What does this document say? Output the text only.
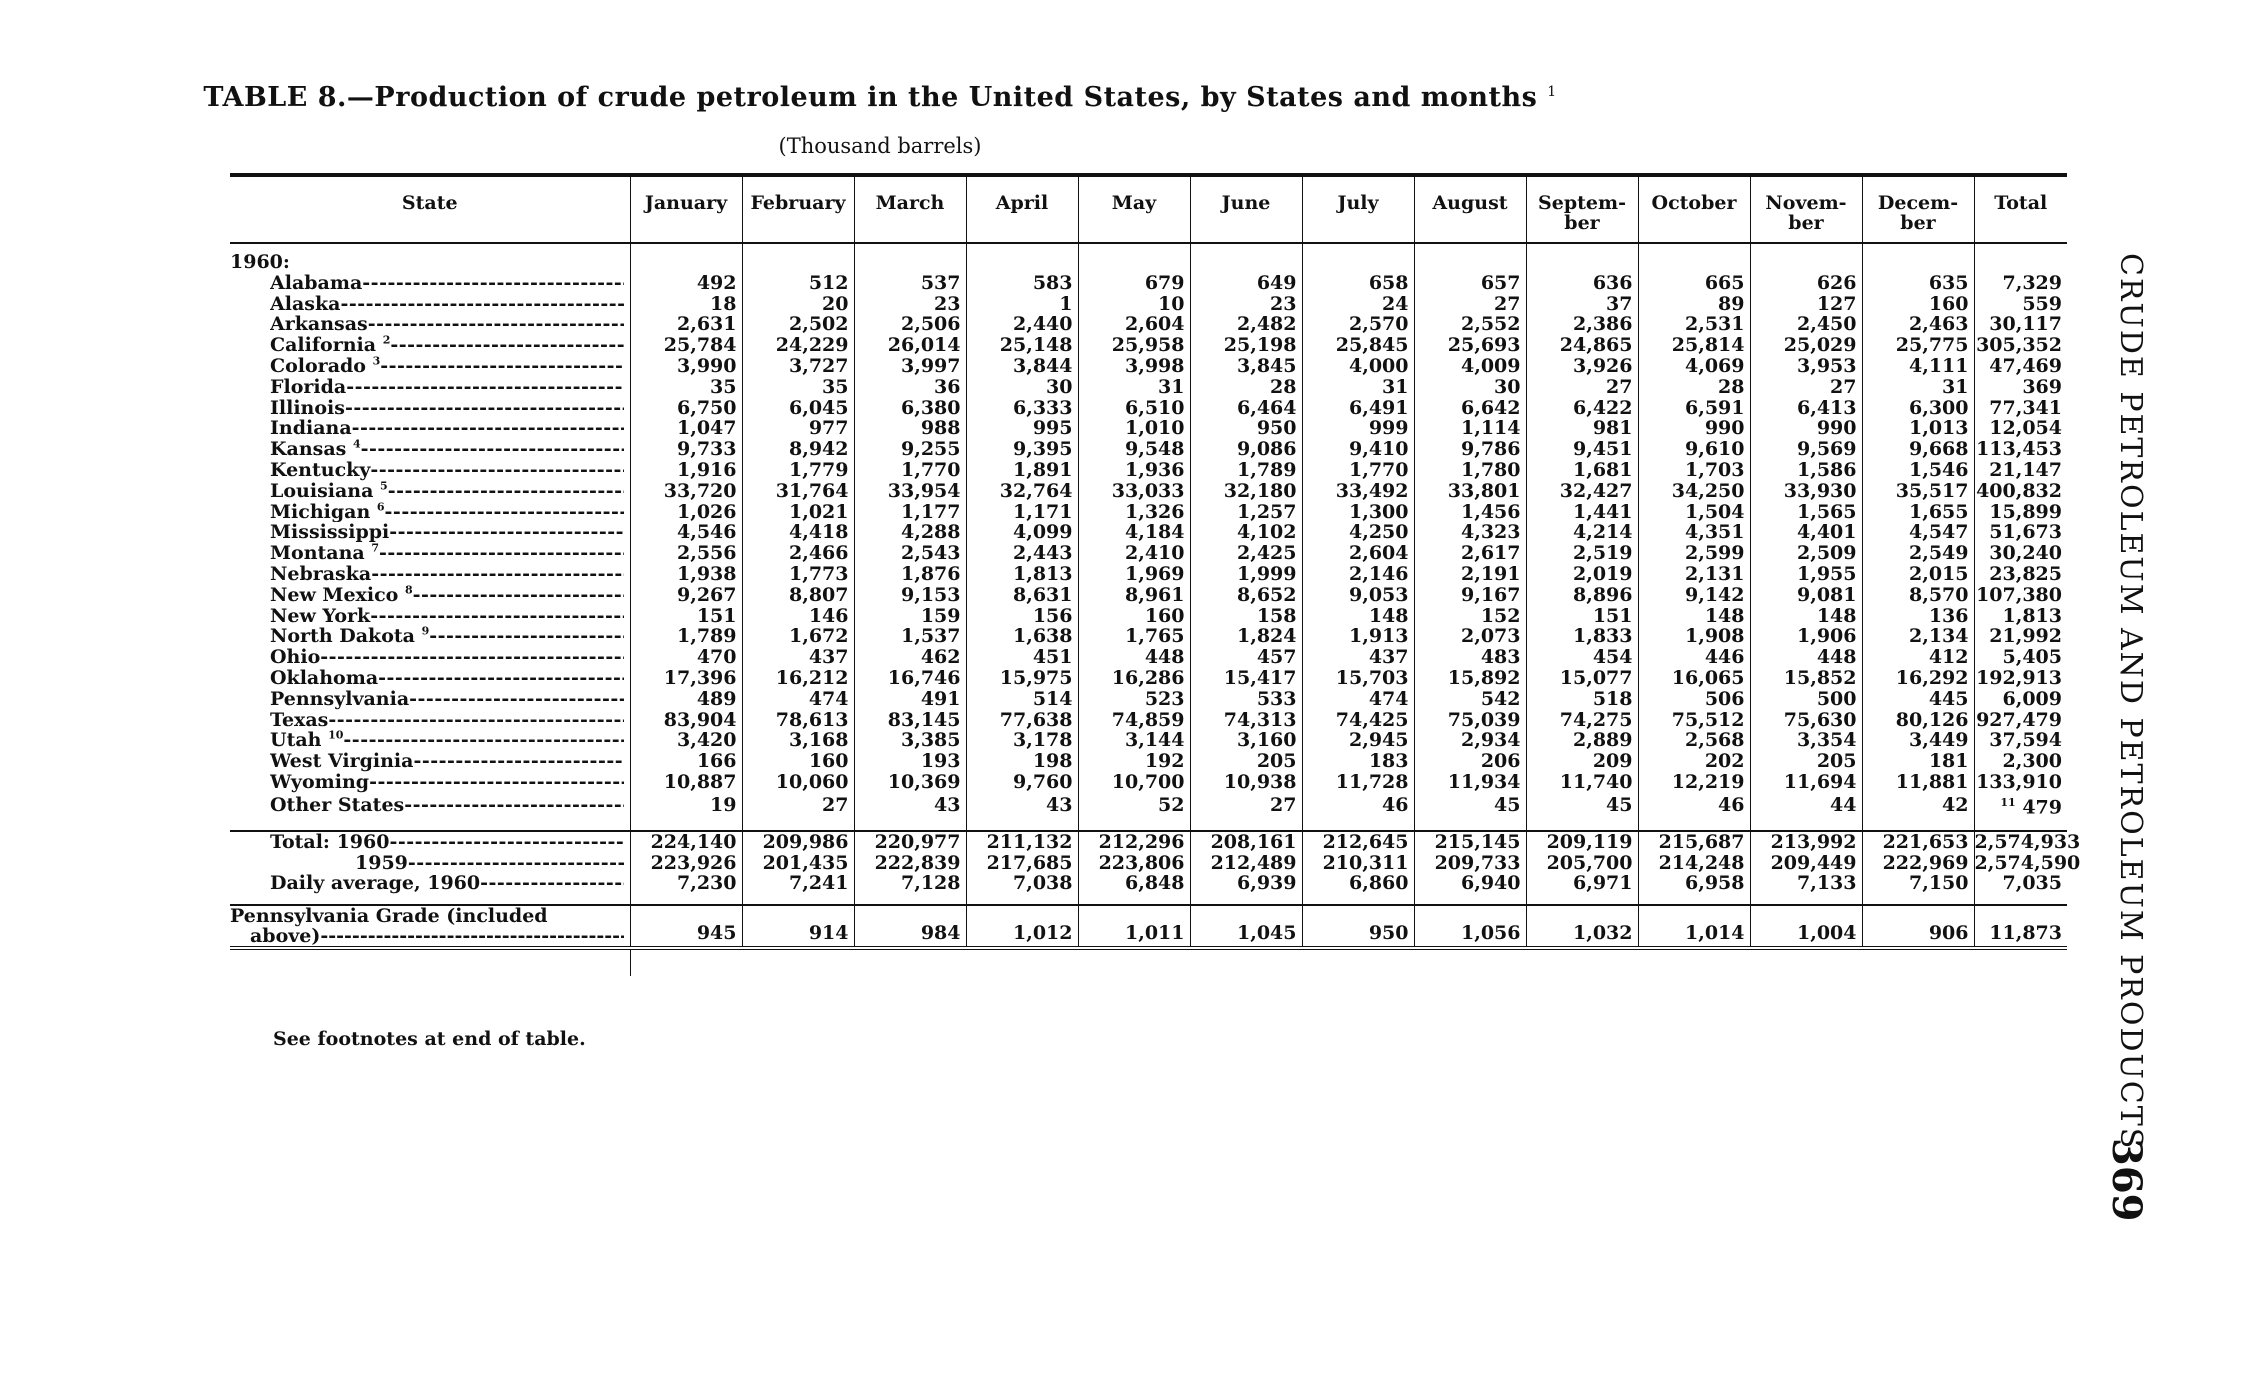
TABLE 8.—Production of crude petroleum in the United States, by States and months $^1$
(Thousand barrels)
State	January	February	March	April	May	June	July	August	Septem-
ber	October	Novem-
ber	Decem-
ber	Total
1960:													

Alabama -----	492	512	537	583	679	649	658	657	636	665	626	635	7,329

Alaska -----	18	20	23	1	10	23	24	27	37	89	127	160	559

Arkansas -----	2,631	2,502	2,506	2,440	2,604	2,482	2,570	2,552	2,386	2,531	2,450	2,463	30,117

California $^2$ -----	25,784	24,229	26,014	25,148	25,958	25,198	25,845	25,693	24,865	25,814	25,029	25,775	305,352

Colorado $^3$ -----	3,990	3,727	3,997	3,844	3,998	3,845	4,000	4,009	3,926	4,069	3,953	4,111	47,469

Florida -----	35	35	36	30	31	28	31	30	27	28	27	31	369

Illinois -----	6,750	6,045	6,380	6,333	6,510	6,464	6,491	6,642	6,422	6,591	6,413	6,300	77,341

Indiana -----	1,047	977	988	995	1,010	950	999	1,114	981	990	990	1,013	12,054

Kansas $^4$ -----	9,733	8,942	9,255	9,395	9,548	9,086	9,410	9,786	9,451	9,610	9,569	9,668	113,453

Kentucky -----	1,916	1,779	1,770	1,891	1,936	1,789	1,770	1,780	1,681	1,703	1,586	1,546	21,147

Louisiana $^5$ -----	33,720	31,764	33,954	32,764	33,033	32,180	33,492	33,801	32,427	34,250	33,930	35,517	400,832

Michigan $^6$ -----	1,026	1,021	1,177	1,171	1,326	1,257	1,300	1,456	1,441	1,504	1,565	1,655	15,899

Mississippi -----	4,546	4,418	4,288	4,099	4,184	4,102	4,250	4,323	4,214	4,351	4,401	4,547	51,673

Montana $^7$ -----	2,556	2,466	2,543	2,443	2,410	2,425	2,604	2,617	2,519	2,599	2,509	2,549	30,240

Nebraska -----	1,938	1,773	1,876	1,813	1,969	1,999	2,146	2,191	2,019	2,131	1,955	2,015	23,825

New Mexico $^8$ -----	9,267	8,807	9,153	8,631	8,961	8,652	9,053	9,167	8,896	9,142	9,081	8,570	107,380

New York -----	151	146	159	156	160	158	148	152	151	148	148	136	1,813

North Dakota $^9$ -----	1,789	1,672	1,537	1,638	1,765	1,824	1,913	2,073	1,833	1,908	1,906	2,134	21,992

Ohio -----	470	437	462	451	448	457	437	483	454	446	448	412	5,405

Oklahoma -----	17,396	16,212	16,746	15,975	16,286	15,417	15,703	15,892	15,077	16,065	15,852	16,292	192,913

Pennsylvania -----	489	474	491	514	523	533	474	542	518	506	500	445	6,009

Texas -----	83,904	78,613	83,145	77,638	74,859	74,313	74,425	75,039	74,275	75,512	75,630	80,126	927,479

Utah $^{10}$ -----	3,420	3,168	3,385	3,178	3,144	3,160	2,945	2,934	2,889	2,568	3,354	3,449	37,594

West Virginia -----	166	160	193	198	192	205	183	206	209	202	205	181	2,300

Wyoming -----	10,887	10,060	10,369	9,760	10,700	10,938	11,728	11,934	11,740	12,219	11,694	11,881	133,910

Other States -----	19	27	43	43	52	27	46	45	45	46	44	42	$^{11}$ 479

Total: 1960 -----	224,140	209,986	220,977	211,132	212,296	208,161	212,645	215,145	209,119	215,687	213,992	221,653	2,574,933

1959 -----	223,926	201,435	222,839	217,685	223,806	212,489	210,311	209,733	205,700	214,248	209,449	222,969	2,574,590

Daily average, 1960 -----	7,230	7,241	7,128	7,038	6,848	6,939	6,860	6,940	6,971	6,958	7,133	7,150	7,035

Pennsylvania Grade (included
above) -----	945	914	984	1,012	1,011	1,045	950	1,056	1,032	1,014	1,004	906	11,873

See footnotes at end of table.	CRUDE PETROLEUM AND PETROLEUM PRODUCTS
369
